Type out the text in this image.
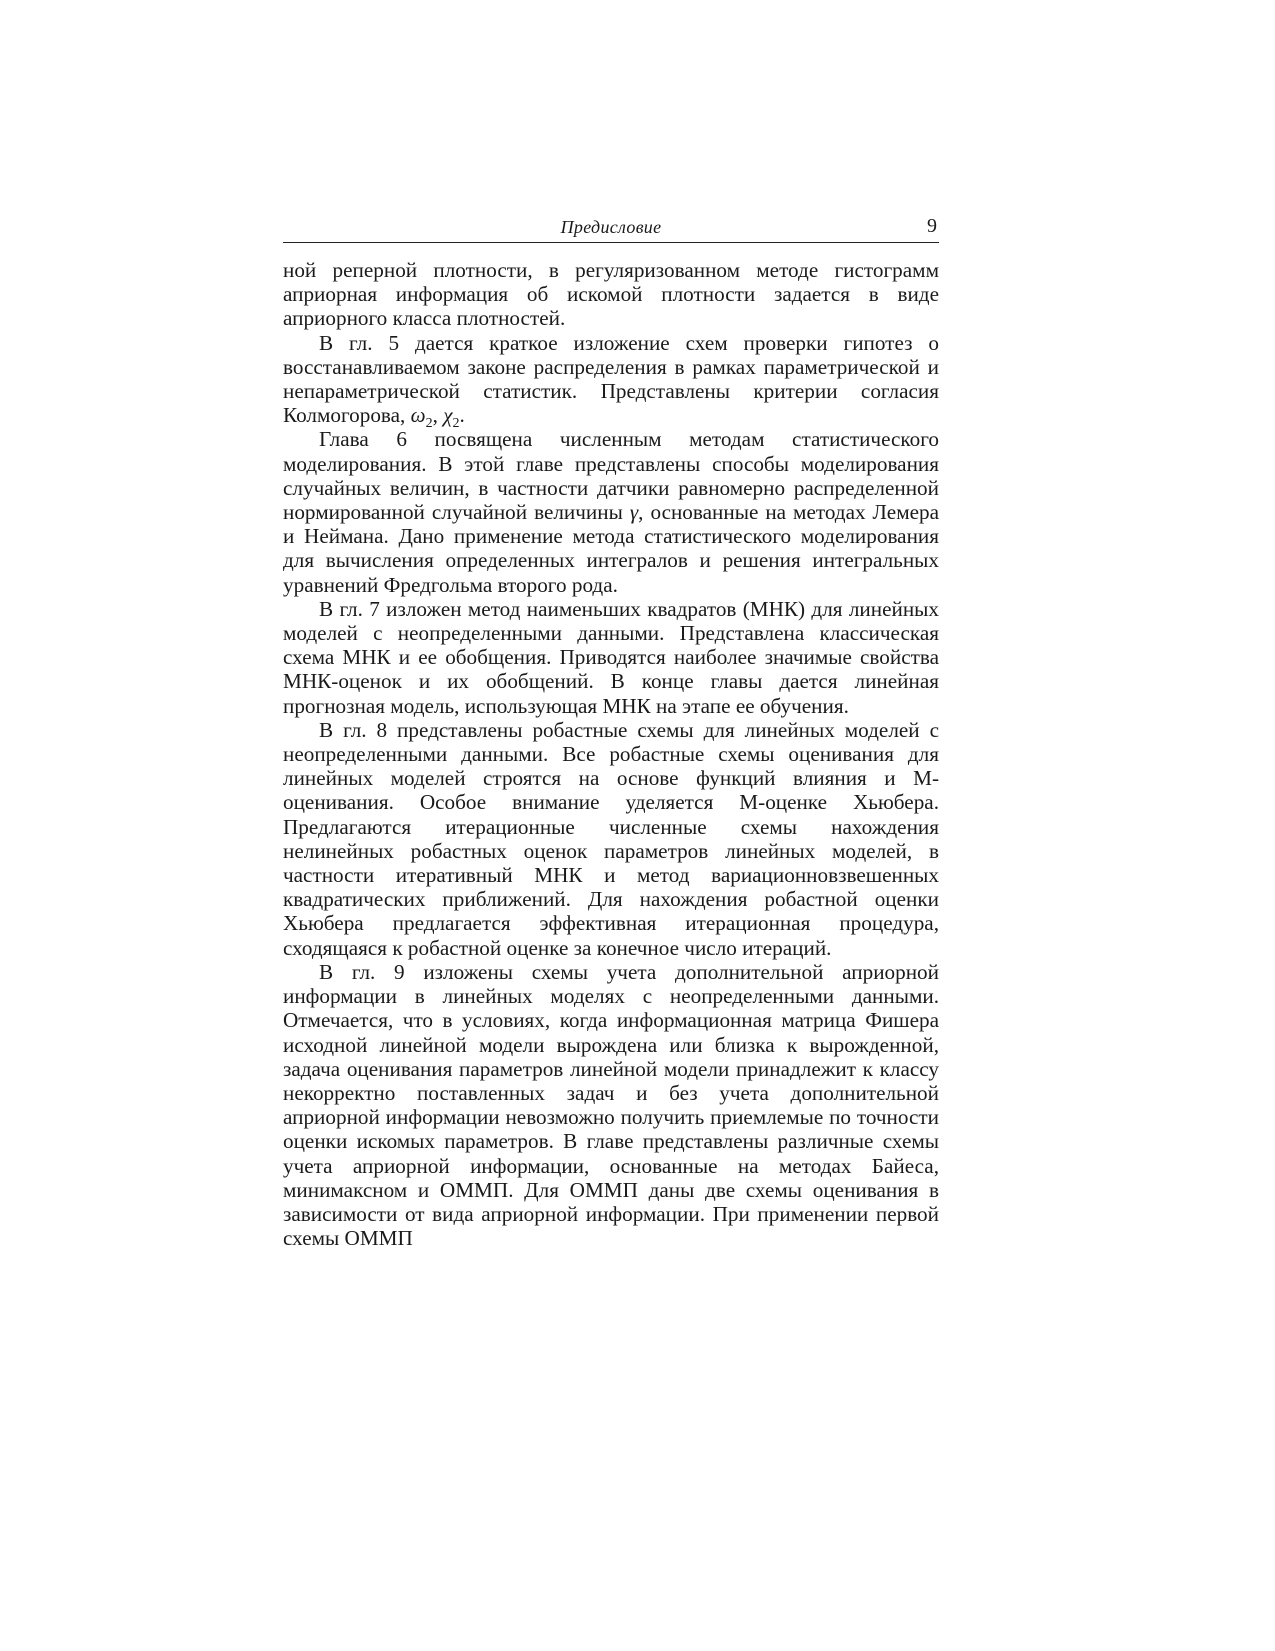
Предисловие	9

ной реперной плотности, в регуляризованном методе гистограмм априорная информация об искомой плотности задается в виде априорного класса плотностей.

В гл. 5 дается краткое изложение схем проверки гипотез о восстанавливаемом законе распределения в рамках параметрической и непараметрической статистик. Представлены критерии согласия Колмогорова, $\omega_2$, $\chi_2$.

Глава 6 посвящена численным методам статистического моделирования. В этой главе представлены способы моделирования случайных величин, в частности датчики равномерно распределенной нормированной случайной величины γ, основанные на методах Лемера и Неймана. Дано применение метода статистического моделирования для вычисления определенных интегралов и решения интегральных уравнений Фредгольма второго рода.

В гл. 7 изложен метод наименьших квадратов (МНК) для линейных моделей с неопределенными данными. Представлена классическая схема МНК и ее обобщения. Приводятся наиболее значимые свойства МНК-оценок и их обобщений. В конце главы дается линейная прогнозная модель, использующая МНК на этапе ее обучения.

В гл. 8 представлены робастные схемы для линейных моделей с неопределенными данными. Все робастные схемы оценивания для линейных моделей строятся на основе функций влияния и М-оценивания. Особое внимание уделяется М-оценке Хьюбера. Предлагаются итерационные численные схемы нахождения нелинейных робастных оценок параметров линейных моделей, в частности итеративный МНК и метод вариационновзвешенных квадратических приближений. Для нахождения робастной оценки Хьюбера предлагается эффективная итерационная процедура, сходящаяся к робастной оценке за конечное число итераций.

В гл. 9 изложены схемы учета дополнительной априорной информации в линейных моделях с неопределенными данными. Отмечается, что в условиях, когда информационная матрица Фишера исходной линейной модели вырождена или близка к вырожденной, задача оценивания параметров линейной модели принадлежит к классу некорректно поставленных задач и без учета дополнительной априорной информации невозможно получить приемлемые по точности оценки искомых параметров. В главе представлены различные схемы учета априорной информации, основанные на методах Байеса, минимаксном и ОММП. Для ОММП даны две схемы оценивания в зависимости от вида априорной информации. При применении первой схемы ОММП
